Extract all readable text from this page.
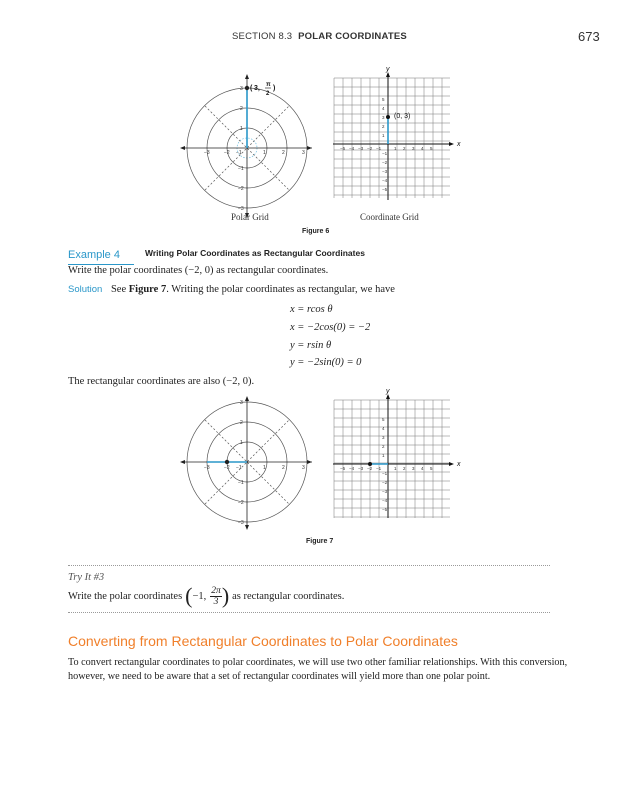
SECTION 8.3 POLAR COORDINATES	673
−3	−2 −1	1	2	3
1
2
3
−1
−2
−3
( 3, π
2
)
−5
−5
−4
−4
−3
−3
−2
−2
−1
−1
1
1
2
2
3
3
4
4
5
5
x
y
(0, 3)
Polar Grid	Coordinate Grid
Figure 6
Example 4	Writing Polar Coordinates as Rectangular Coordinates
Write the polar coordinates (−2, 0) as rectangular coordinates.
Solution See Figure 7. Writing the polar coordinates as rectangular, we have
x = rcos θ
x = −2cos(0) = −2
y = rsin θ
y = −2sin(0) = 0
The rectangular coordinates are also (−2, 0).
−3	−2 −1	1	2	3
1
2
3
−1
−2
−3
−5
−5
−4
−4
−3
−3
−2
−2
−1
−1
1
1
2
2
3
3
4
4
5
5
x
y
Figure 7
Try It #3
Write the polar coordinates ( −1, $\frac{2\pi}{3}$ ) as rectangular coordinates.
Converting from Rectangular Coordinates to Polar Coordinates
To convert rectangular coordinates to polar coordinates, we will use two other familiar relationships. With this conversion,
however, we need to be aware that a set of rectangular coordinates will yield more than one polar point.
